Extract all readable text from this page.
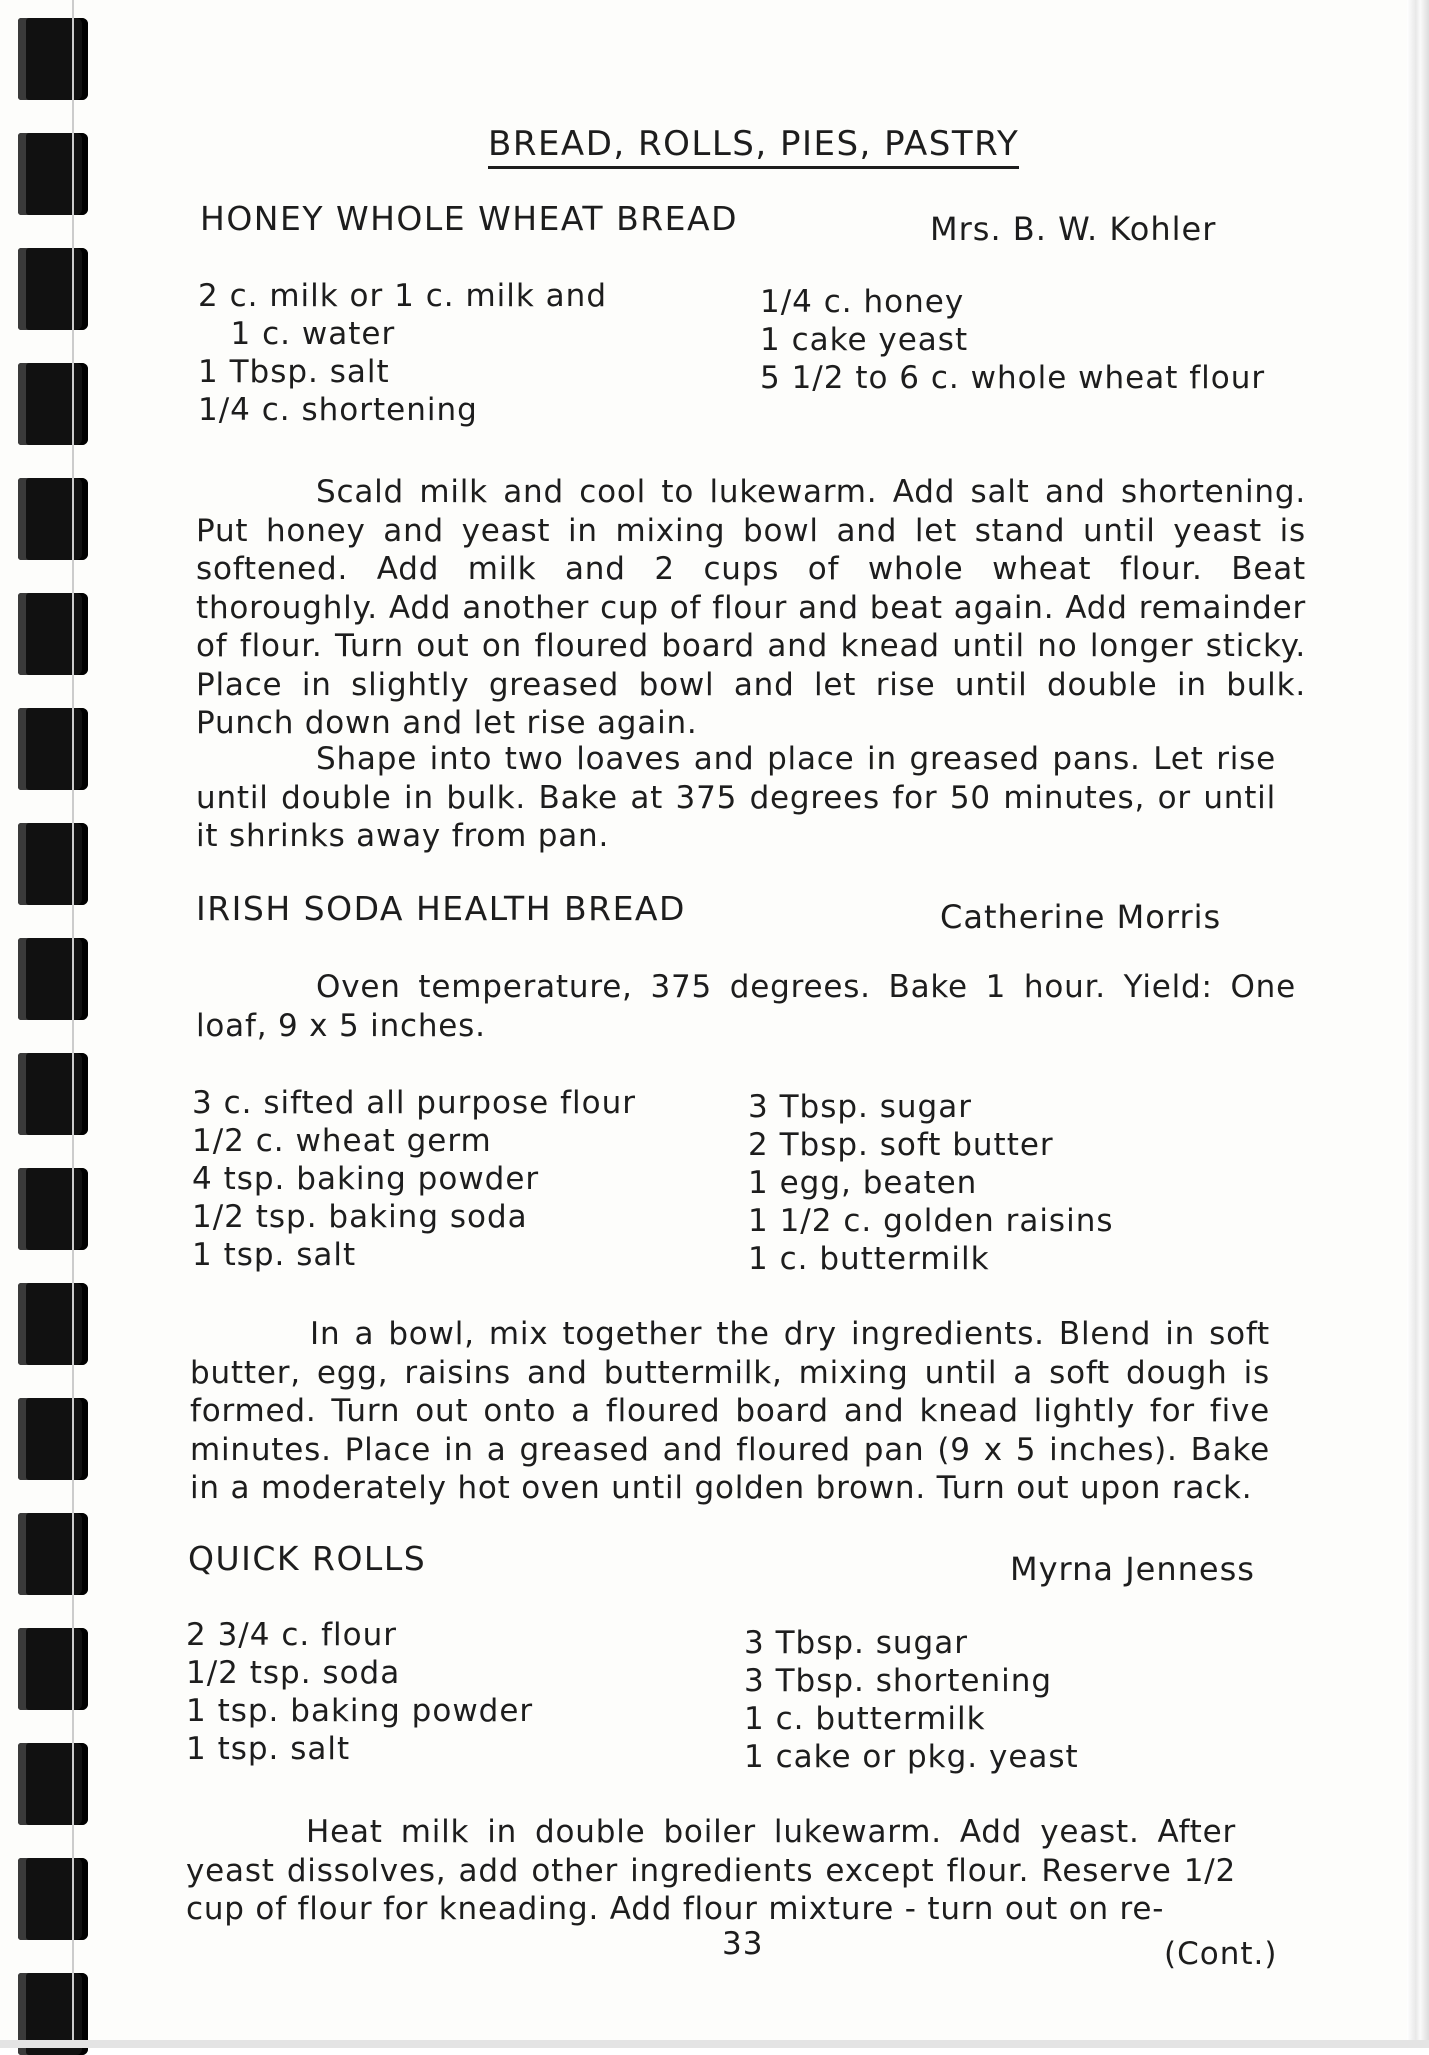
BREAD, ROLLS, PIES, PASTRY
HONEY WHOLE WHEAT BREAD	Mrs. B. W. Kohler
2 c. milk or 1 c. milk and
1 c. water
1 Tbsp. salt
1/4 c. shortening
1/4 c. honey
1 cake yeast
5 1/2 to 6 c. whole wheat flour
Scald milk and cool to lukewarm. Add salt and shortening. Put honey and yeast in mixing bowl and let stand until yeast is softened. Add milk and 2 cups of whole wheat flour. Beat thoroughly. Add another cup of flour and beat again. Add remainder of flour. Turn out on floured board and knead until no longer sticky. Place in slightly greased bowl and let rise until double in bulk. Punch down and let rise again.
Shape into two loaves and place in greased pans. Let rise until double in bulk. Bake at 375 degrees for 50 minutes, or until it shrinks away from pan.
IRISH SODA HEALTH BREAD	Catherine Morris
Oven temperature, 375 degrees. Bake 1 hour. Yield: One loaf, 9 x 5 inches.
3 c. sifted all purpose flour
1/2 c. wheat germ
4 tsp. baking powder
1/2 tsp. baking soda
1 tsp. salt
3 Tbsp. sugar
2 Tbsp. soft butter
1 egg, beaten
1 1/2 c. golden raisins
1 c. buttermilk
In a bowl, mix together the dry ingredients. Blend in soft butter, egg, raisins and buttermilk, mixing until a soft dough is formed. Turn out onto a floured board and knead lightly for five minutes. Place in a greased and floured pan (9 x 5 inches). Bake in a moderately hot oven until golden brown. Turn out upon rack.
QUICK ROLLS	Myrna Jenness
2 3/4 c. flour
1/2 tsp. soda
1 tsp. baking powder
1 tsp. salt
3 Tbsp. sugar
3 Tbsp. shortening
1 c. buttermilk
1 cake or pkg. yeast
Heat milk in double boiler lukewarm. Add yeast. After yeast dissolves, add other ingredients except flour. Reserve 1/2 cup of flour for kneading. Add flour mixture - turn out on re-
33	(Cont.)
